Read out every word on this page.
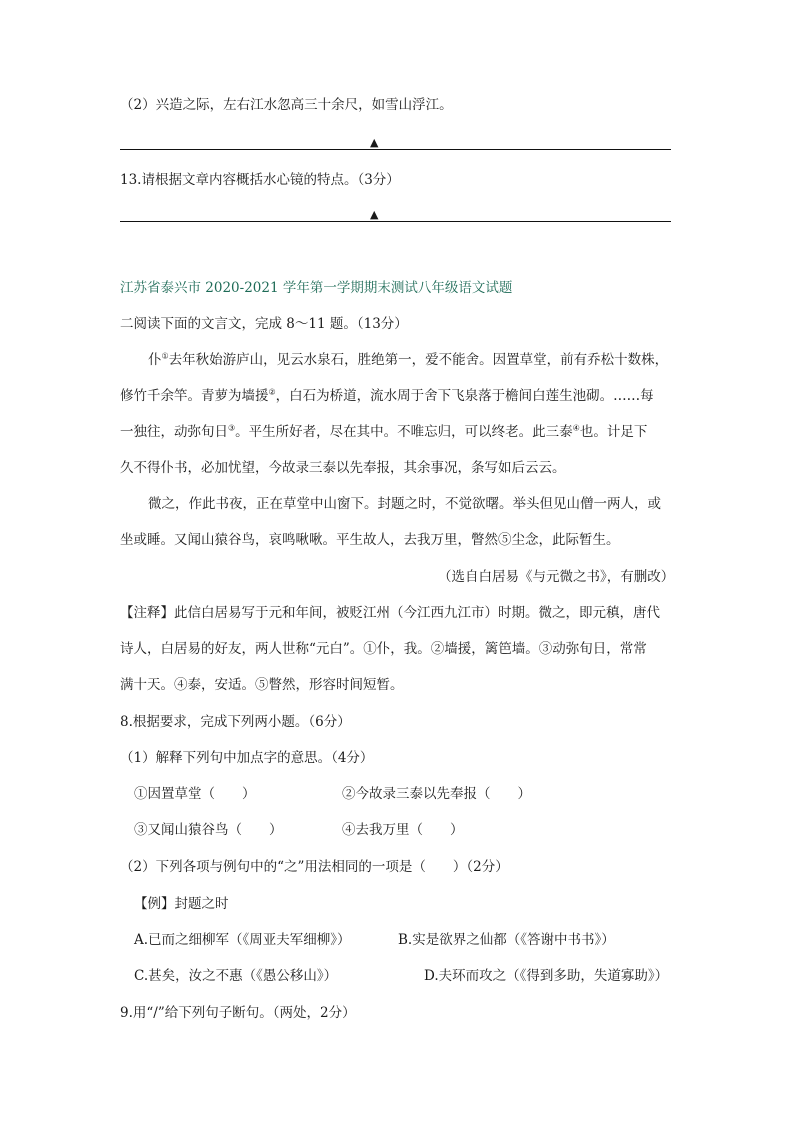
（2）兴造之际，左右江水忽高三十余尺，如雪山浮江。
▲
13.请根据文章内容概括水心镜的特点。（3分）
▲
江苏省泰兴市 2020-2021 学年第一学期期末测试八年级语文试题
二阅读下面的文言文，完成 8～11 题。（13分）
仆①去年秋始游庐山，见云水泉石，胜绝第一，爱不能舍。因置草堂，前有乔松十数株，
修竹千余竿。青萝为墙援②，白石为桥道，流水周于舍下飞泉落于檐间白莲生池砌。……每
一独往，动弥旬日③。平生所好者，尽在其中。不唯忘归，可以终老。此三泰④也。计足下
久不得仆书，必加忧望，今故录三泰以先奉报，其余事况，条写如后云云。
微之，作此书夜，正在草堂中山窗下。封题之时，不觉欲曙。举头但见山僧一两人，或
坐或睡。又闻山猿谷鸟，哀鸣啾啾。平生故人，去我万里，瞥然⑤尘念，此际暂生。
（选自白居易《与元微之书》，有删改）
【注释】此信白居易写于元和年间，被贬江州（今江西九江市）时期。微之，即元稹，唐代
诗人，白居易的好友，两人世称“元白”。①仆，我。②墙援，篱笆墙。③动弥旬日，常常
满十天。④泰，安适。⑤瞥然，形容时间短暂。
8.根据要求，完成下列两小题。（6分）
（1）解释下列句中加点字的意思。（4分）
①因置草堂（　　）	②今故录三泰以先奉报（　　）
③又闻山猿谷鸟（　　）	④去我万里（　　）
（2）下列各项与例句中的“之”用法相同的一项是（　　）（2分）
【例】封题之时
A.已而之细柳军（《周亚夫军细柳》）	B.实是欲界之仙都（《答谢中书书》）
C.甚矣，汝之不惠（《愚公移山》）	D.夫环而攻之（《得到多助，失道寡助》）
9.用“/”给下列句子断句。（两处，2分）
